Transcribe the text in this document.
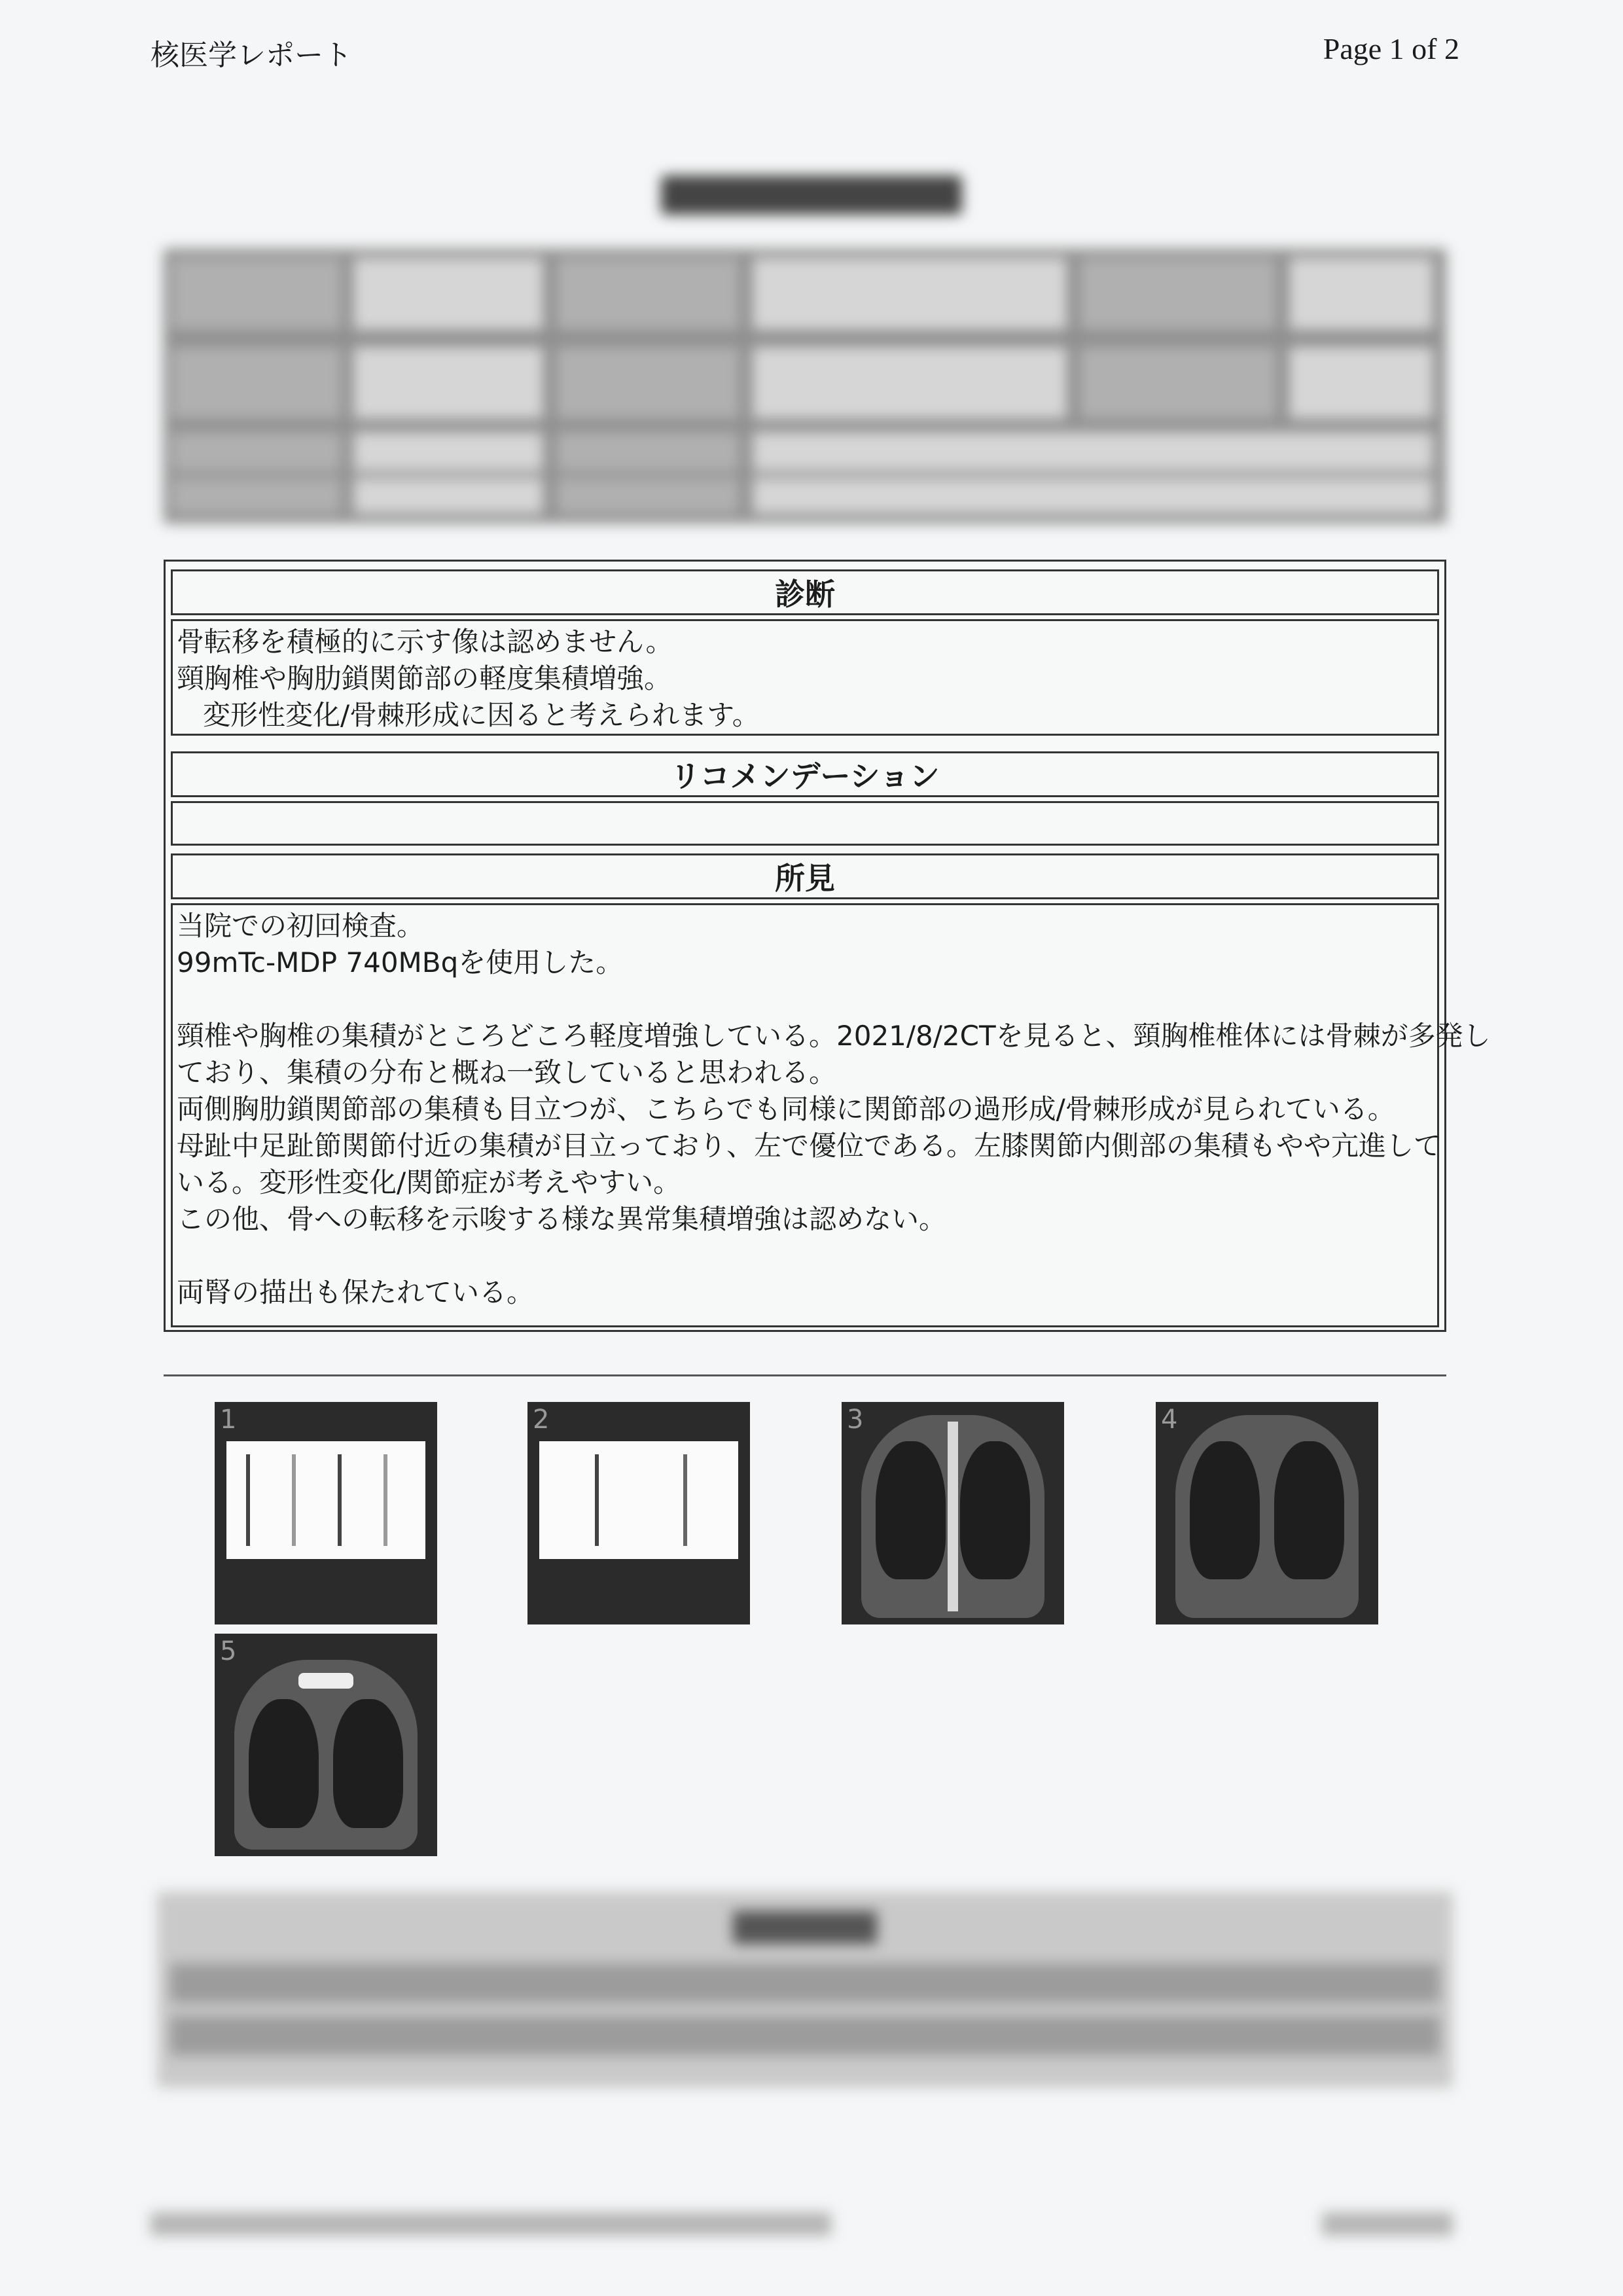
核医学レポート	Page 1 of 2
診断
骨転移を積極的に示す像は認めません。
頸胸椎や胸肋鎖関節部の軽度集積増強。
変形性変化/骨棘形成に因ると考えられます。
リコメンデーション
所見
当院での初回検査。
99mTc-MDP 740MBqを使用した。
頸椎や胸椎の集積がところどころ軽度増強している。2021/8/2CTを見ると、頸胸椎椎体には骨棘が多発し
ており、集積の分布と概ね一致していると思われる。
両側胸肋鎖関節部の集積も目立つが、こちらでも同様に関節部の過形成/骨棘形成が見られている。
母趾中足趾節関節付近の集積が目立っており、左で優位である。左膝関節内側部の集積もやや亢進して
いる。変形性変化/関節症が考えやすい。
この他、骨への転移を示唆する様な異常集積増強は認めない。
両腎の描出も保たれている。
1	2	3	4
5
